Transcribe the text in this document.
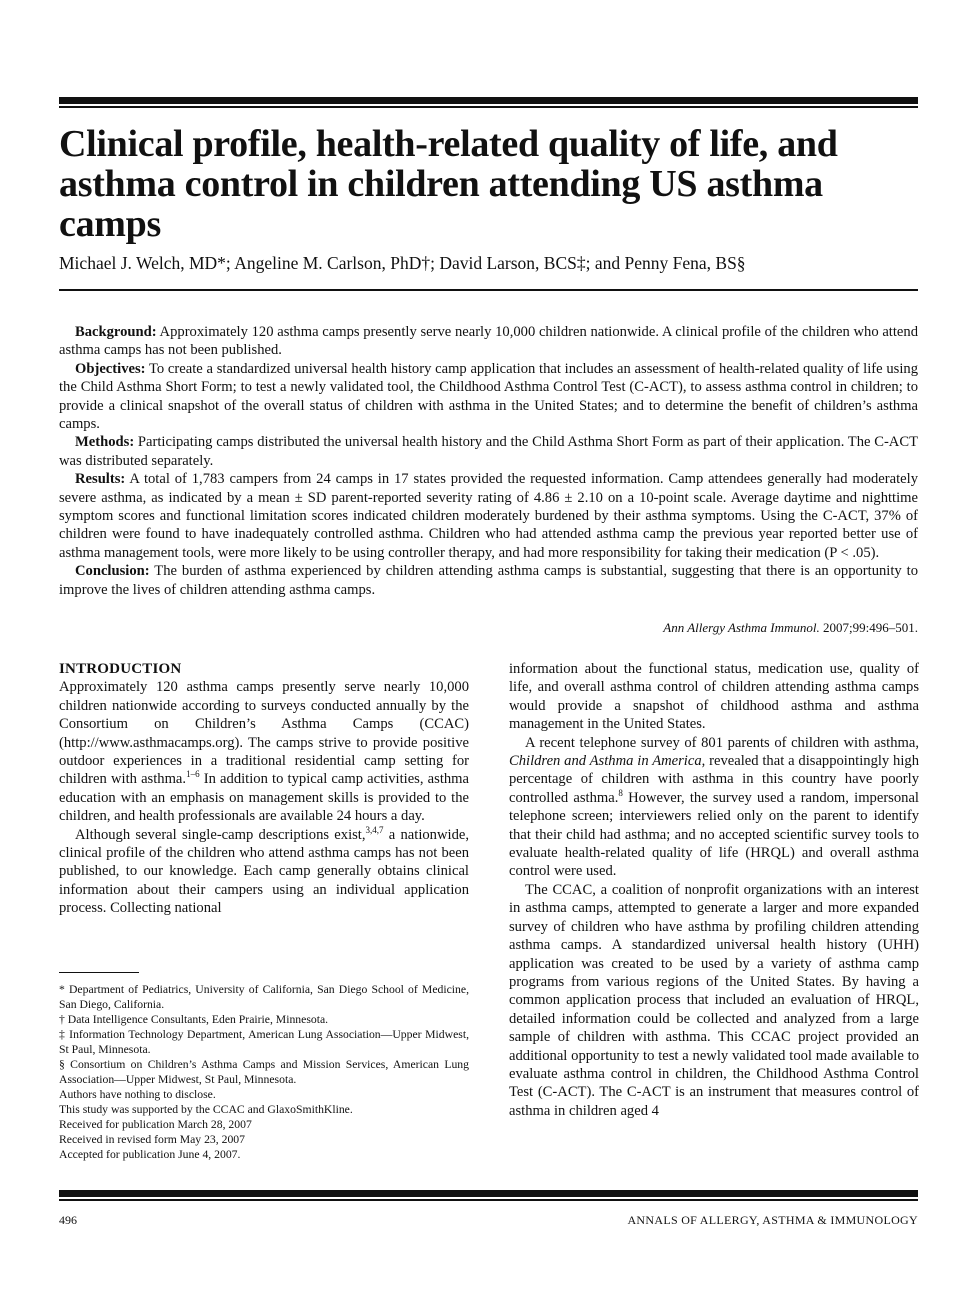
Clinical profile, health-related quality of life, and asthma control in children attending US asthma camps
Michael J. Welch, MD*; Angeline M. Carlson, PhD†; David Larson, BCS‡; and Penny Fena, BS§

Background: Approximately 120 asthma camps presently serve nearly 10,000 children nationwide. A clinical profile of the children who attend asthma camps has not been published.

Objectives: To create a standardized universal health history camp application that includes an assessment of health-related quality of life using the Child Asthma Short Form; to test a newly validated tool, the Childhood Asthma Control Test (C-ACT), to assess asthma control in children; to provide a clinical snapshot of the overall status of children with asthma in the United States; and to determine the benefit of children’s asthma camps.

Methods: Participating camps distributed the universal health history and the Child Asthma Short Form as part of their application. The C-ACT was distributed separately.

Results: A total of 1,783 campers from 24 camps in 17 states provided the requested information. Camp attendees generally had moderately severe asthma, as indicated by a mean ± SD parent-reported severity rating of 4.86 ± 2.10 on a 10-point scale. Average daytime and nighttime symptom scores and functional limitation scores indicated children moderately burdened by their asthma symptoms. Using the C-ACT, 37% of children were found to have inadequately controlled asthma. Children who had attended asthma camp the previous year reported better use of asthma management tools, were more likely to be using controller therapy, and had more responsibility for taking their medication (P < .05).

Conclusion: The burden of asthma experienced by children attending asthma camps is substantial, suggesting that there is an opportunity to improve the lives of children attending asthma camps.

Ann Allergy Asthma Immunol. 2007;99:496–501.
INTRODUCTION

Approximately 120 asthma camps presently serve nearly 10,000 children nationwide according to surveys conducted annually by the Consortium on Children’s Asthma Camps (CCAC) (http://www.asthmacamps.org). The camps strive to provide positive outdoor experiences in a traditional residential camp setting for children with asthma.$^{1-6}$ In addition to typical camp activities, asthma education with an emphasis on management skills is provided to the children, and health professionals are available 24 hours a day.

Although several single-camp descriptions exist,$^{3,4,7}$ a nationwide, clinical profile of the children who attend asthma camps has not been published, to our knowledge. Each camp generally obtains clinical information about their campers using an individual application process. Collecting national

* Department of Pediatrics, University of California, San Diego School of Medicine, San Diego, California.
† Data Intelligence Consultants, Eden Prairie, Minnesota.
‡ Information Technology Department, American Lung Association—Upper Midwest, St Paul, Minnesota.
§ Consortium on Children’s Asthma Camps and Mission Services, American Lung Association—Upper Midwest, St Paul, Minnesota.
Authors have nothing to disclose.
This study was supported by the CCAC and GlaxoSmithKline.
Received for publication March 28, 2007
Received in revised form May 23, 2007
Accepted for publication June 4, 2007.

information about the functional status, medication use, quality of life, and overall asthma control of children attending asthma camps would provide a snapshot of childhood asthma and asthma management in the United States.

A recent telephone survey of 801 parents of children with asthma, Children and Asthma in America, revealed that a disappointingly high percentage of children with asthma in this country have poorly controlled asthma.$^8$ However, the survey used a random, impersonal telephone screen; interviewers relied only on the parent to identify that their child had asthma; and no accepted scientific survey tools to evaluate health-related quality of life (HRQL) and overall asthma control were used.

The CCAC, a coalition of nonprofit organizations with an interest in asthma camps, attempted to generate a larger and more expanded survey of children who have asthma by profiling children attending asthma camps. A standardized universal health history (UHH) application was created to be used by a variety of asthma camp programs from various regions of the United States. By having a common application process that included an evaluation of HRQL, detailed information could be collected and analyzed from a large sample of children with asthma. This CCAC project provided an additional opportunity to test a newly validated tool made available to evaluate asthma control in children, the Childhood Asthma Control Test (C-ACT). The C-ACT is an instrument that measures control of asthma in children aged 4

496	ANNALS OF ALLERGY, ASTHMA & IMMUNOLOGY
